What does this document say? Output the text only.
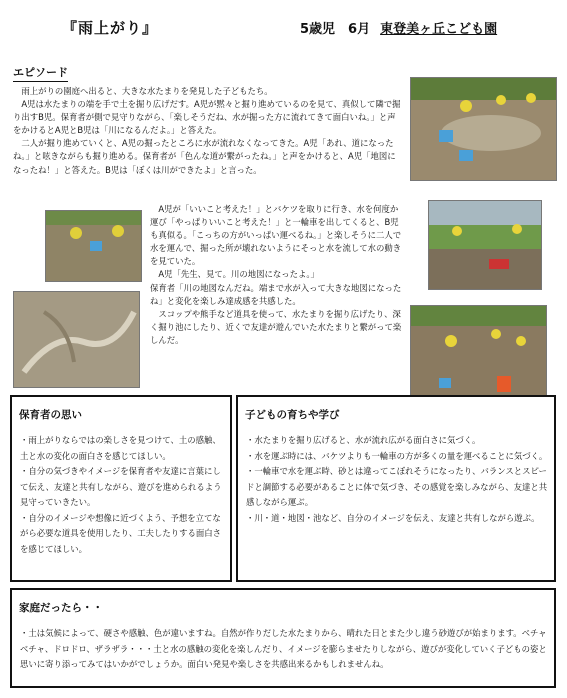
『雨上がり』	5歳児　6月 東登美ヶ丘こども園
エピソード

雨上がりの園庭へ出ると、大きな水たまりを発見した子どもたち。

A児は水たまりの端を手で土を掘り広げだす。A児が黙々と掘り進めているのを見て、真似して隣で掘り出すB児。保育者が側で見守りながら、「楽しそうだね、水が掘った方に流れてきて面白いね。」と声をかけるとA児とB児は「川になるんだよ。」と答えた。

二人が掘り進めていくと、A児の掘ったところに水が流れなくなってきた。A児「あれ、道になったね。」と呟きながらも掘り進める。保育者が「色んな道が繋がったね。」と声をかけると、A児「地図になったね！」と答えた。B児は「ぼくは川ができたよ」と言った。

A児が「いいこと考えた！」とバケツを取りに行き、水を何度か運び「やっぱりいいこと考えた！」と一輪車を出してくると、B児も真似る。「こっちの方がいっぱい運べるね。」と楽しそうに二人で水を運んで、掘った所が壊れないようにそっと水を流して水の動きを見ていた。

A児「先生、見て。川の地図になったよ。」

保育者「川の地図なんだね。端まで水が入って大きな地図になったね」と変化を楽しみ達成感を共感した。

スコップや熊手など道具を使って、水たまりを掘り広げたり、深く掘り池にしたり、近くで友達が遊んでいた水たまりと繋がって楽しんだ。

保育者の思い

・雨上がりならではの楽しさを見つけて、土の感触、土と水の変化の面白さを感じてほしい。

・自分の気づきやイメージを保育者や友達に言葉にして伝え、友達と共有しながら、遊びを進められるよう見守っていきたい。

・自分のイメージや想像に近づくよう、予想を立てながら必要な道具を使用したり、工夫したりする面白さを感じてほしい。

子どもの育ちや学び

・水たまりを掘り広げると、水が流れ広がる面白さに気づく。

・水を運ぶ時には、バケツよりも一輪車の方が多くの量を運べることに気づく。

・一輪車で水を運ぶ時、砂とは違ってこぼれそうになったり、バランスとスピードと調節する必要があることに体で気づき、その感覚を楽しみながら、友達と共感しながら運ぶ。

・川・道・地図・池など、自分のイメージを伝え、友達と共有しながら遊ぶ。

家庭だったら・・
・土は気候によって、硬さや感触、色が違いますね。自然が作りだした水たまりから、晴れた日とまた少し違う砂遊びが始まります。ベチャベチャ、ドロドロ、ザラザラ・・・土と水の感触の変化を楽しんだり、イメージを膨らませたりしながら、遊びが変化していく子どもの姿と思いに寄り添ってみてはいかがでしょうか。面白い発見や楽しさを共感出来るかもしれませんね。
